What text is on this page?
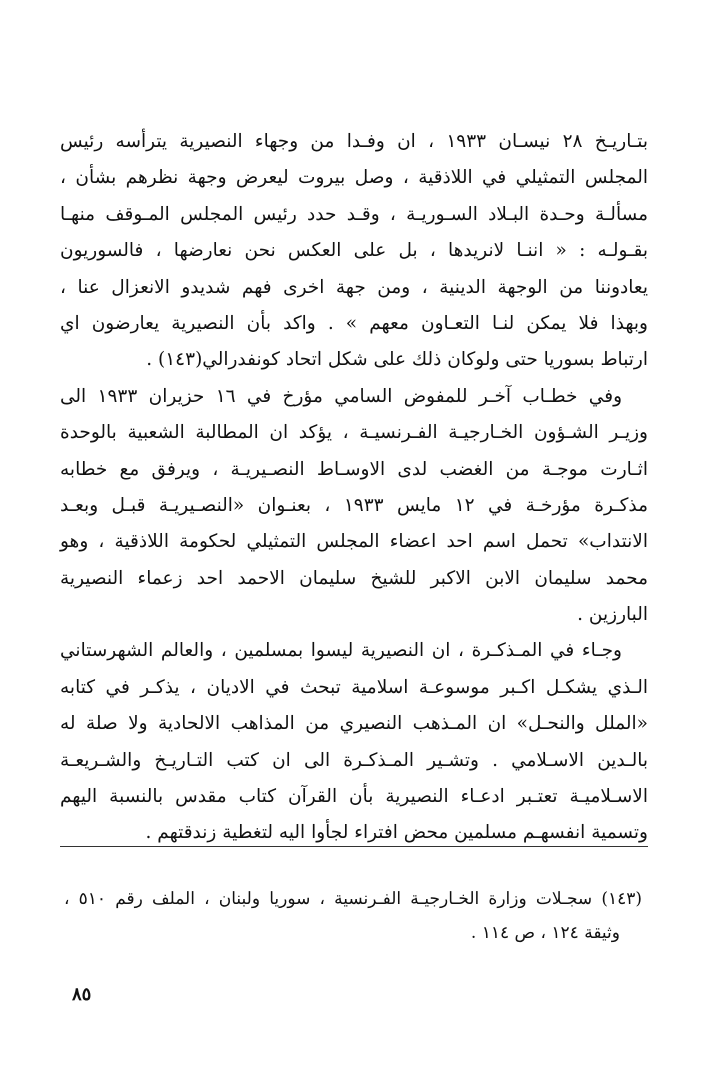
بتـاريـخ ٢٨ نيسـان ١٩٣٣ ، ان وفـدا من وجهاء النصيرية يترأسه رئيس
المجلس التمثيلي في اللاذقية ، وصل بيروت ليعرض وجهة نظرهم بشأن ،
مسألـة وحـدة البـلاد السـوريـة ، وقـد حدد رئيس المجلس المـوقف منهـا
بقـولـه : « اننـا لانريدها ، بل على العكس نحن نعارضها ، فالسوريون
يعادوننا من الوجهة الدينية ، ومن جهة اخرى فهم شديدو الانعزال عنا ،
وبهذا فلا يمكن لنـا التعـاون معهم » . واكد بأن النصيرية يعارضون اي
ارتباط بسوريا حتى ولوكان ذلك على شكل اتحاد كونفدرالي(١٤٣) .
وفي خطـاب آخـر للمفوض السامي مؤرخ في ١٦ حزيران ١٩٣٣ الى
وزيـر الشـؤون الخـارجيـة الفـرنسيـة ، يؤكد ان المطالبة الشعبية بالوحدة
اثـارت موجـة من الغضب لدى الاوسـاط النصـيريـة ، ويرفق مع خطابه
مذكـرة مؤرخـة في ١٢ مايس ١٩٣٣ ، بعنـوان «النصـيريـة قبـل وبعـد
الانتداب» تحمل اسم احد اعضاء المجلس التمثيلي لحكومة اللاذقية ، وهو
محمد سليمان الابن الاكبر للشيخ سليمان الاحمد احد زعماء النصيرية
البارزين .
وجـاء في المـذكـرة ، ان النصيرية ليسوا بمسلمين ، والعالم الشهرستاني
الـذي يشكـل اكـبر موسوعـة اسلامية تبحث في الاديان ، يذكـر في كتابه
«الملل والنحـل» ان المـذهب النصيري من المذاهب الالحادية ولا صلة له
بالـدين الاسـلامي . وتشـير المـذكـرة الى ان كتب التـاريـخ والشـريعـة
الاسـلاميـة تعتـبر ادعـاء النصيرية بأن القرآن كتاب مقدس بالنسبة اليهم
وتسمية انفسهـم مسلمين محض افتراء لجأوا اليه لتغطية زندقتهم .
(١٤٣) سجـلات وزارة الخـارجيـة الفـرنسية ، سوريا ولبنان ، الملف رقم ٥١٠ ،
وثيقة ١٢٤ ، ص ١١٤ .
٨٥
